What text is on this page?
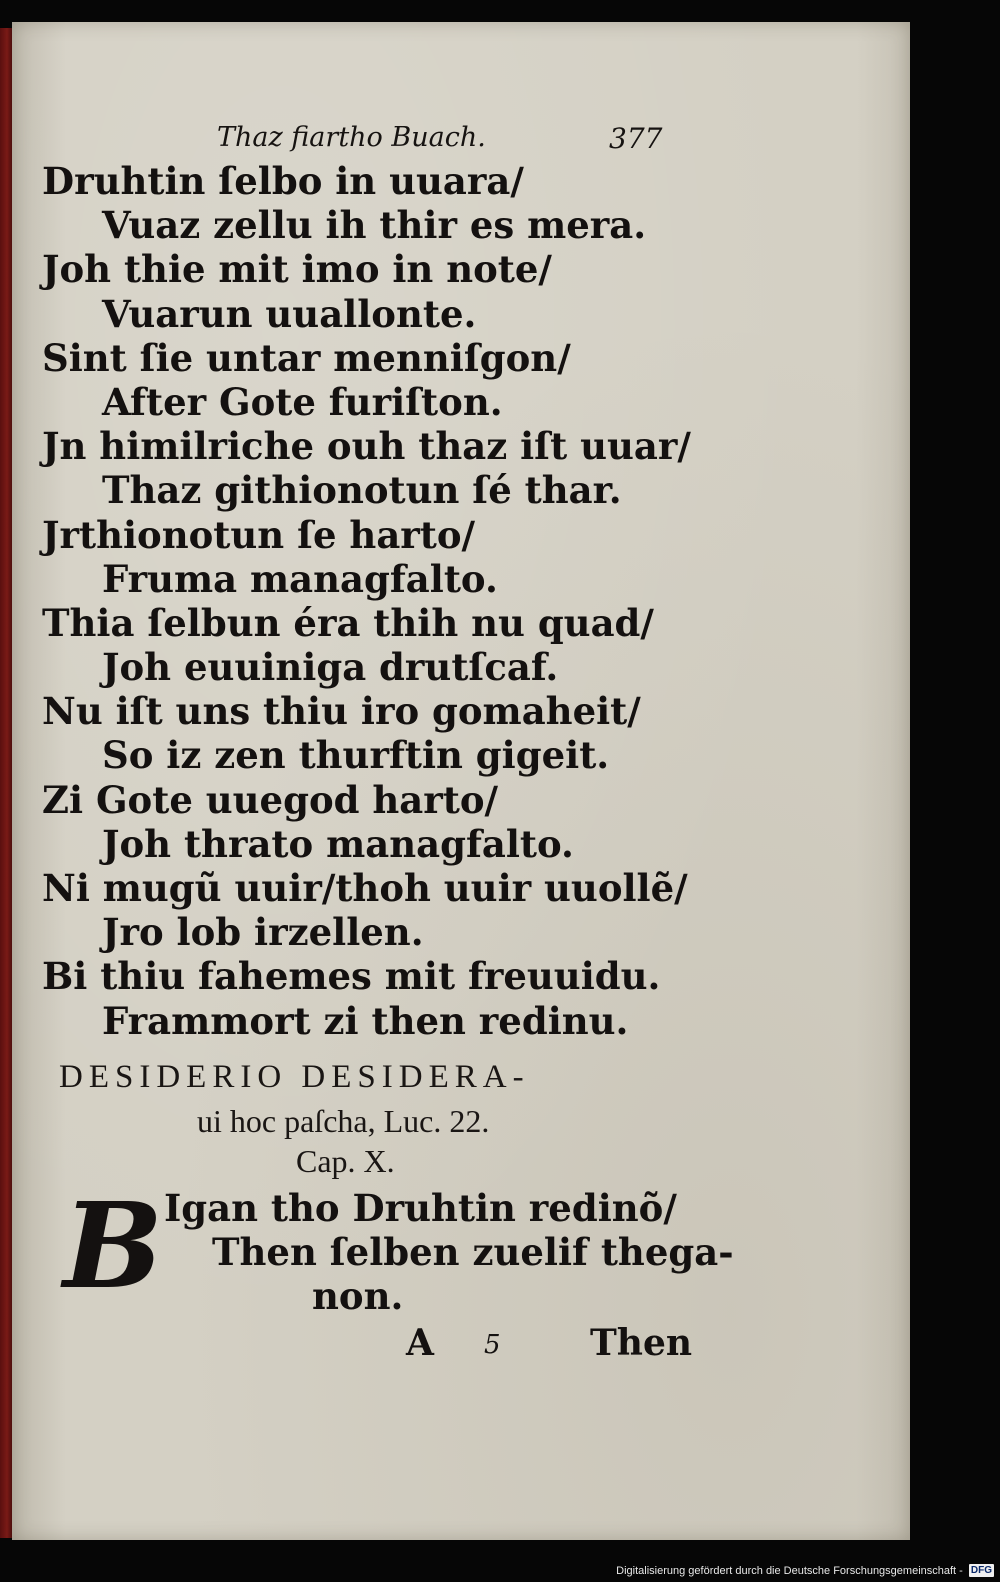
Thaz fiartho Buach.	377
Druhtin ſelbo in uuara/
Vuaz zellu ih thir es mera.
Joh thie mit imo in note/
Vuarun uuallonte.
Sint ſie untar menniſgon/
After Gote furiſton.
Jn himilriche ouh thaz iſt uuar/
Thaz githionotun ſé thar.
Jrthionotun ſe harto/
Fruma managfalto.
Thia ſelbun éra thih nu quad/
Joh euuiniga drutſcaf.
Nu iſt uns thiu iro gomaheit/
So iz zen thurftin gigeit.
Zi Gote uuegod harto/
Joh thrato managfalto.
Ni mugũ uuir/thoh uuir uuollẽ/
Jro lob irzellen.
Bi thiu fahemes mit freuuidu.
Frammort zi then redinu.
DESIDERIO DESIDERA-
ui hoc paſcha, Luc. 22.
Cap. X.
B Igan tho Druhtin redinõ/
Then ſelben zuelif thega-
non.
A 5 Then
Digitalisierung gefördert durch die Deutsche Forschungsgemeinschaft - DFG
